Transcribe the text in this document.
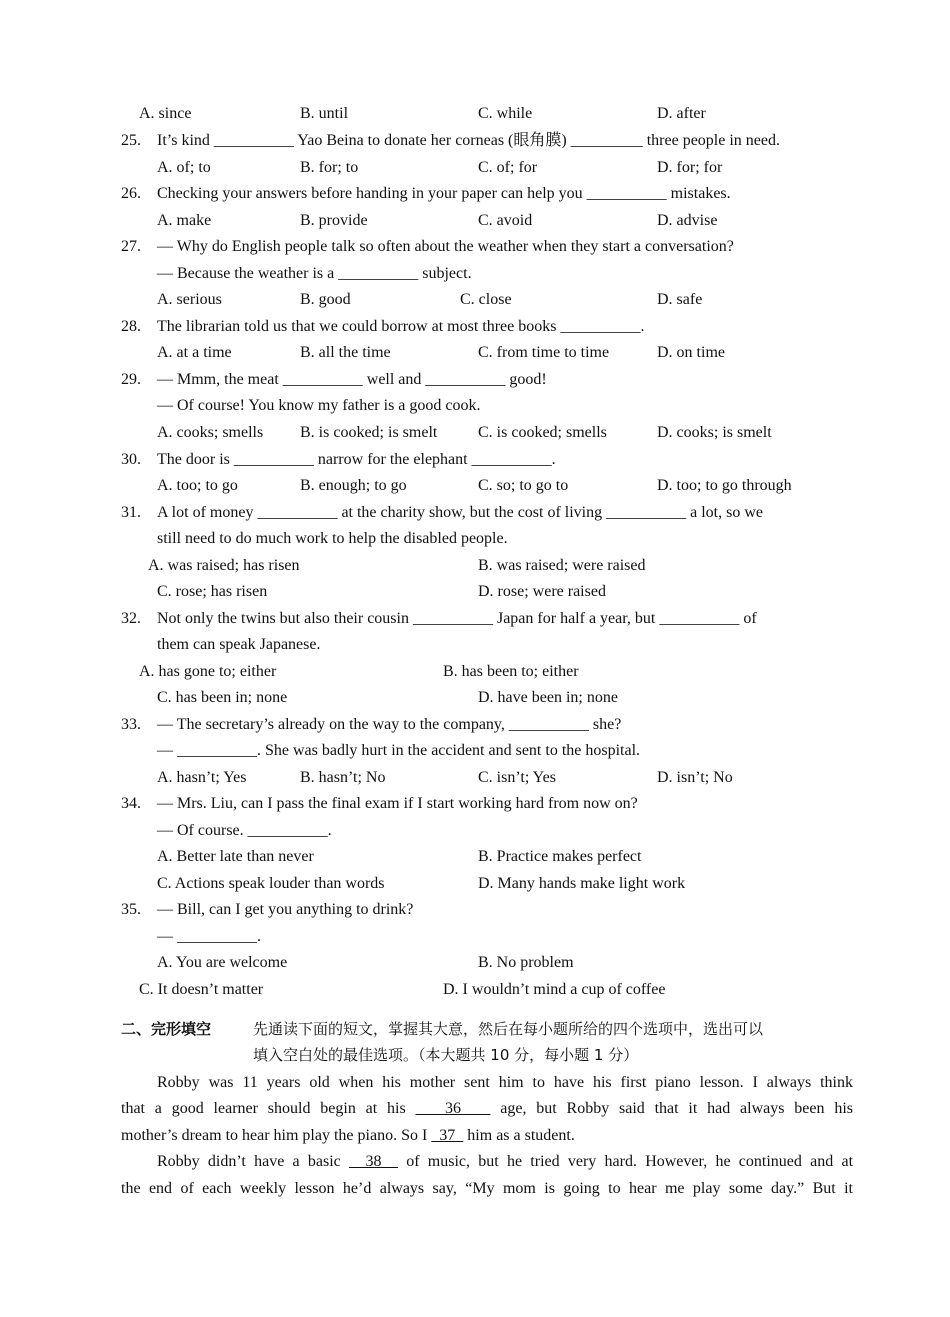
A. since	B. until	C. while	D. after
25. It’s kind __________ Yao Beina to donate her corneas (眼角膜) _________ three people in need.
A. of; to	B. for; to	C. of; for	D. for; for
26. Checking your answers before handing in your paper can help you __________ mistakes.
A. make	B. provide	C. avoid	D. advise
27. — Why do English people talk so often about the weather when they start a conversation?
— Because the weather is a __________ subject.
A. serious	B. good	C. close	D. safe
28. The librarian told us that we could borrow at most three books __________.
A. at a time	B. all the time	C. from time to time	D. on time
29. — Mmm, the meat __________ well and __________ good!
— Of course! You know my father is a good cook.
A. cooks; smells B. is cooked; is smelt	C. is cooked; smells	D. cooks; is smelt
30. The door is __________ narrow for the elephant __________.
A. too; to go	B. enough; to go	C. so; to go to	D. too; to go through
31. A lot of money __________ at the charity show, but the cost of living __________ a lot, so we
still need to do much work to help the disabled people.
A. was raised; has risen	B. was raised; were raised
C. rose; has risen	D. rose; were raised
32. Not only the twins but also their cousin __________ Japan for half a year, but __________ of
them can speak Japanese.
A. has gone to; either	B. has been to; either
C. has been in; none	D. have been in; none
33. — The secretary’s already on the way to the company, __________ she?
— __________. She was badly hurt in the accident and sent to the hospital.
A. hasn’t; Yes	B. hasn’t; No	C. isn’t; Yes	D. isn’t; No
34. — Mrs. Liu, can I pass the final exam if I start working hard from now on?
— Of course. __________.
A. Better late than never	B. Practice makes perfect
C. Actions speak louder than words	D. Many hands make light work
35. — Bill, can I get you anything to drink?
— __________.
A. You are welcome	B. No problem
C. It doesn’t matter	D. I wouldn’t mind a cup of coffee
二、完形填空	先通读下面的短文，掌握其大意，然后在每小题所给的四个选项中，选出可以
填入空白处的最佳选项。（本大题共 10 分，每小题 1 分）
Robby was 11 years old when his mother sent him to have his first piano lesson. I always think
that a good learner should begin at his    36    age, but Robby said that it had always been his
mother’s dream to hear him play the piano. So I   37   him as a student.
Robby didn’t have a basic   38   of music, but he tried very hard. However, he continued and at
the end of each weekly lesson he’d always say, “My mom is going to hear me play some day.” But it
